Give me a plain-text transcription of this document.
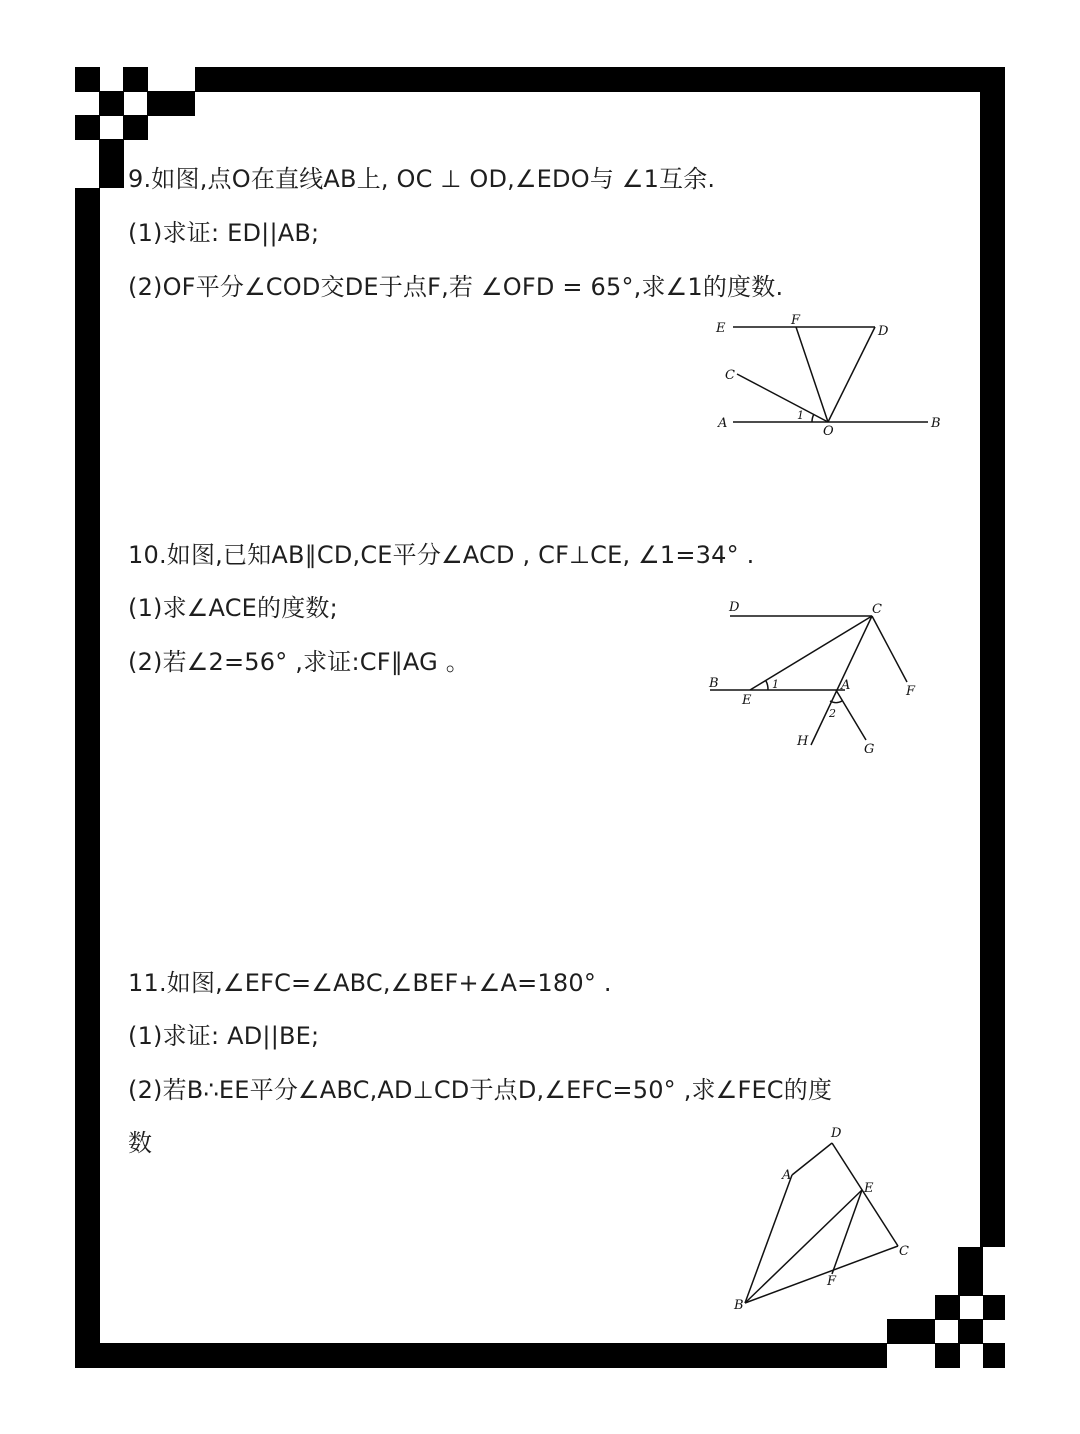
9.如图,点O在直线AB上, OC ⊥ OD,∠EDO与 ∠1互余.
(1)求证: ED||AB;
(2)OF平分∠COD交DE于点F,若 ∠OFD = 65°,求∠1的度数.
E
F
D
C
A
1
O
B
10.如图,已知AB∥CD,CE平分∠ACD , CF⊥CE, ∠1=34° .
(1)求∠ACE的度数;
(2)若∠2=56° ,求证:CF∥AG 。
D	C
B
E
1	A	F
2
H
G
11.如图,∠EFC=∠ABC,∠BEF+∠A=180° .
(1)求证: AD||BE;
(2)若B∴EE平分∠ABC,AD⊥CD于点D,∠EFC=50° ,求∠FEC的度
数	D
A
E
C
F
B
